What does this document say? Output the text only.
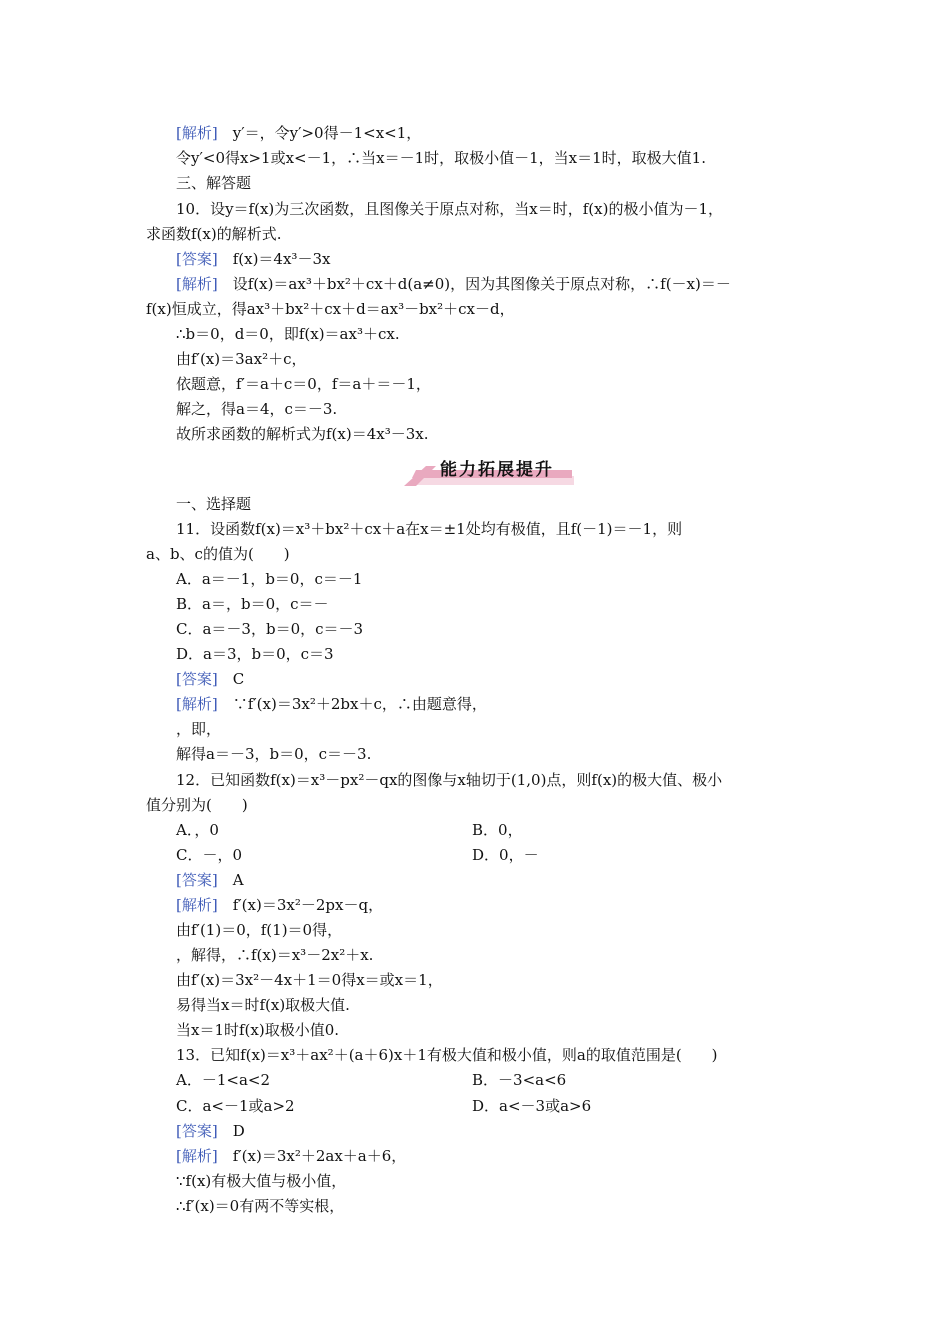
[解析]　y′＝，令y′>0得－1<x<1，
令y′<0得x>1或x<－1，∴当x＝－1时，取极小值－1，当x＝1时，取极大值1.
三、解答题
10．设y＝f(x)为三次函数，且图像关于原点对称，当x＝时，f(x)的极小值为－1，
求函数f(x)的解析式.
[答案]　f(x)＝4x³－3x
[解析]　设f(x)＝ax³＋bx²＋cx＋d(a≠0)，因为其图像关于原点对称，∴f(－x)＝－
f(x)恒成立，得ax³＋bx²＋cx＋d＝ax³－bx²＋cx－d，
∴b＝0，d＝0，即f(x)＝ax³＋cx.
由f′(x)＝3ax²＋c，
依题意，f′＝a＋c＝0，f＝a＋＝－1，
解之，得a＝4，c＝－3.
故所求函数的解析式为f(x)＝4x³－3x.
能力拓展提升
一、选择题
11．设函数f(x)＝x³＋bx²＋cx＋a在x＝±1处均有极值，且f(－1)＝－1，则
a、b、c的值为(　　)
A．a＝－1，b＝0，c＝－1
B．a＝，b＝0，c＝－
C．a＝－3，b＝0，c＝－3
D．a＝3，b＝0，c＝3
[答案]　C
[解析]　∵f′(x)＝3x²＋2bx＋c，∴由题意得，
，即，
解得a＝－3，b＝0，c＝－3.
12．已知函数f(x)＝x³－px²－qx的图像与x轴切于(1,0)点，则f(x)的极大值、极小
值分别为(　　)
A．，0	B．0，
C．－，0	D．0，－
[答案]　A
[解析]　f′(x)＝3x²－2px－q，
由f′(1)＝0，f(1)＝0得，
，解得，∴f(x)＝x³－2x²＋x.
由f′(x)＝3x²－4x＋1＝0得x＝或x＝1，
易得当x＝时f(x)取极大值.
当x＝1时f(x)取极小值0.
13．已知f(x)＝x³＋ax²＋(a＋6)x＋1有极大值和极小值，则a的取值范围是(　　)
A．－1<a<2	B．－3<a<6
C．a<－1或a>2	D．a<－3或a>6
[答案]　D
[解析]　f′(x)＝3x²＋2ax＋a＋6，
∵f(x)有极大值与极小值，
∴f′(x)＝0有两不等实根，
